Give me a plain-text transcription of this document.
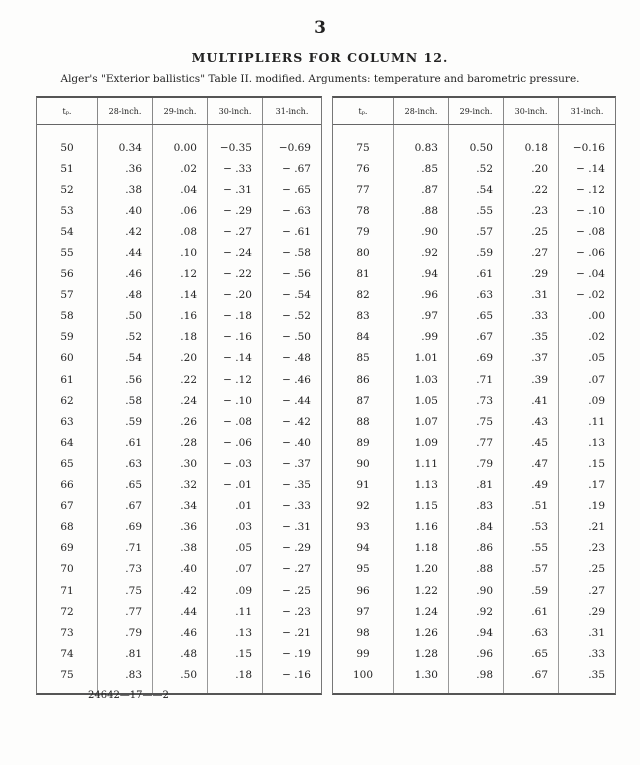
3
MULTIPLIERS FOR COLUMN 12.
Alger's "Exterior ballistics" Table II. modified. Arguments: temperature and barometric pressure.
tₚ.	28-inch.	29-inch.	30-inch.	31-inch.
50	0.34	0.00	−0.35	−0.69
51	.36	.02	− .33	− .67
52	.38	.04	− .31	− .65
53	.40	.06	− .29	− .63
54	.42	.08	− .27	− .61
55	.44	.10	− .24	− .58
56	.46	.12	− .22	− .56
57	.48	.14	− .20	− .54
58	.50	.16	− .18	− .52
59	.52	.18	− .16	− .50
60	.54	.20	− .14	− .48
61	.56	.22	− .12	− .46
62	.58	.24	− .10	− .44
63	.59	.26	− .08	− .42
64	.61	.28	− .06	− .40
65	.63	.30	− .03	− .37
66	.65	.32	− .01	− .35
67	.67	.34	.01	− .33
68	.69	.36	.03	− .31
69	.71	.38	.05	− .29
70	.73	.40	.07	− .27
71	.75	.42	.09	− .25
72	.77	.44	.11	− .23
73	.79	.46	.13	− .21
74	.81	.48	.15	− .19
75	.83	.50	.18	− .16
tₚ.	28-inch.	29-inch.	30-inch.	31-inch.
75	0.83	0.50	0.18	−0.16
76	.85	.52	.20	− .14
77	.87	.54	.22	− .12
78	.88	.55	.23	− .10
79	.90	.57	.25	− .08
80	.92	.59	.27	− .06
81	.94	.61	.29	− .04
82	.96	.63	.31	− .02
83	.97	.65	.33	.00
84	.99	.67	.35	.02
85	1.01	.69	.37	.05
86	1.03	.71	.39	.07
87	1.05	.73	.41	.09
88	1.07	.75	.43	.11
89	1.09	.77	.45	.13
90	1.11	.79	.47	.15
91	1.13	.81	.49	.17
92	1.15	.83	.51	.19
93	1.16	.84	.53	.21
94	1.18	.86	.55	.23
95	1.20	.88	.57	.25
96	1.22	.90	.59	.27
97	1.24	.92	.61	.29
98	1.26	.94	.63	.31
99	1.28	.96	.65	.33
100	1.30	.98	.67	.35
24642—17——2
